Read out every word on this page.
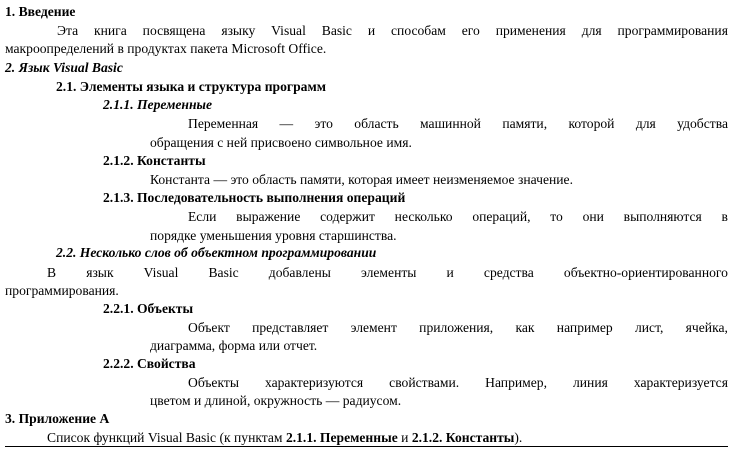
1. Введение
Эта книга посвящена языку Visual Basic и способам его применения для программирования
макроопределений в продуктах пакета Microsoft Office.
2. Язык Visual Basic
2.1. Элементы языка и структура программ
2.1.1. Переменные
Переменная — это область машинной памяти, которой для удобства
обращения с ней присвоено символьное имя.
2.1.2. Константы
Константа — это область памяти, которая имеет неизменяемое значение.
2.1.3. Последовательность выполнения операций
Если выражение содержит несколько операций, то они выполняются в
порядке уменьшения уровня старшинства.
2.2. Несколько слов об объектном программировании
В язык Visual Basic добавлены элементы и средства объектно-ориентированного
программирования.
2.2.1. Объекты
Объект представляет элемент приложения, как например лист, ячейка,
диаграмма, форма или отчет.
2.2.2. Свойства
Объекты характеризуются свойствами. Например, линия характеризуется
цветом и длиной, окружность — радиусом.
3. Приложение А
Список функций Visual Basic (к пунктам 2.1.1. Переменные и 2.1.2. Константы).
